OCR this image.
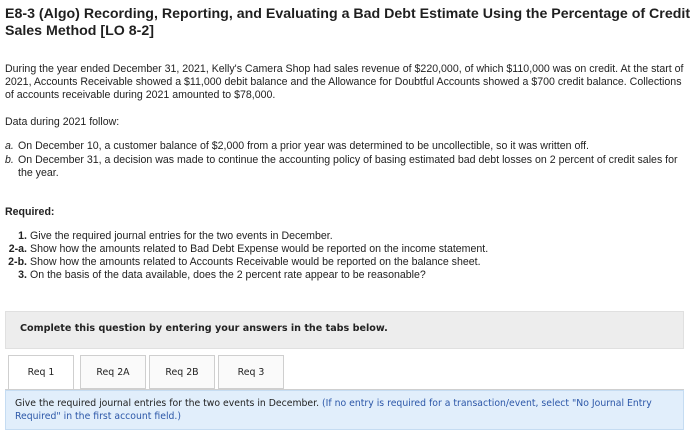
E8-3 (Algo) Recording, Reporting, and Evaluating a Bad Debt Estimate Using the Percentage of Credit Sales Method [LO 8-2]
During the year ended December 31, 2021, Kelly's Camera Shop had sales revenue of $220,000, of which $110,000 was on credit. At the start of 2021, Accounts Receivable showed a $11,000 debit balance and the Allowance for Doubtful Accounts showed a $700 credit balance. Collections of accounts receivable during 2021 amounted to $78,000.
Data during 2021 follow:
a. On December 10, a customer balance of $2,000 from a prior year was determined to be uncollectible, so it was written off.
b. On December 31, a decision was made to continue the accounting policy of basing estimated bad debt losses on 2 percent of credit sales for the year.
Required:
1. Give the required journal entries for the two events in December.
2-a. Show how the amounts related to Bad Debt Expense would be reported on the income statement.
2-b. Show how the amounts related to Accounts Receivable would be reported on the balance sheet.
3. On the basis of the data available, does the 2 percent rate appear to be reasonable?
Complete this question by entering your answers in the tabs below.
Req 1	Req 2A	Req 2B	Req 3
Give the required journal entries for the two events in December. (If no entry is required for a transaction/event, select "No Journal Entry Required" in the first account field.)
